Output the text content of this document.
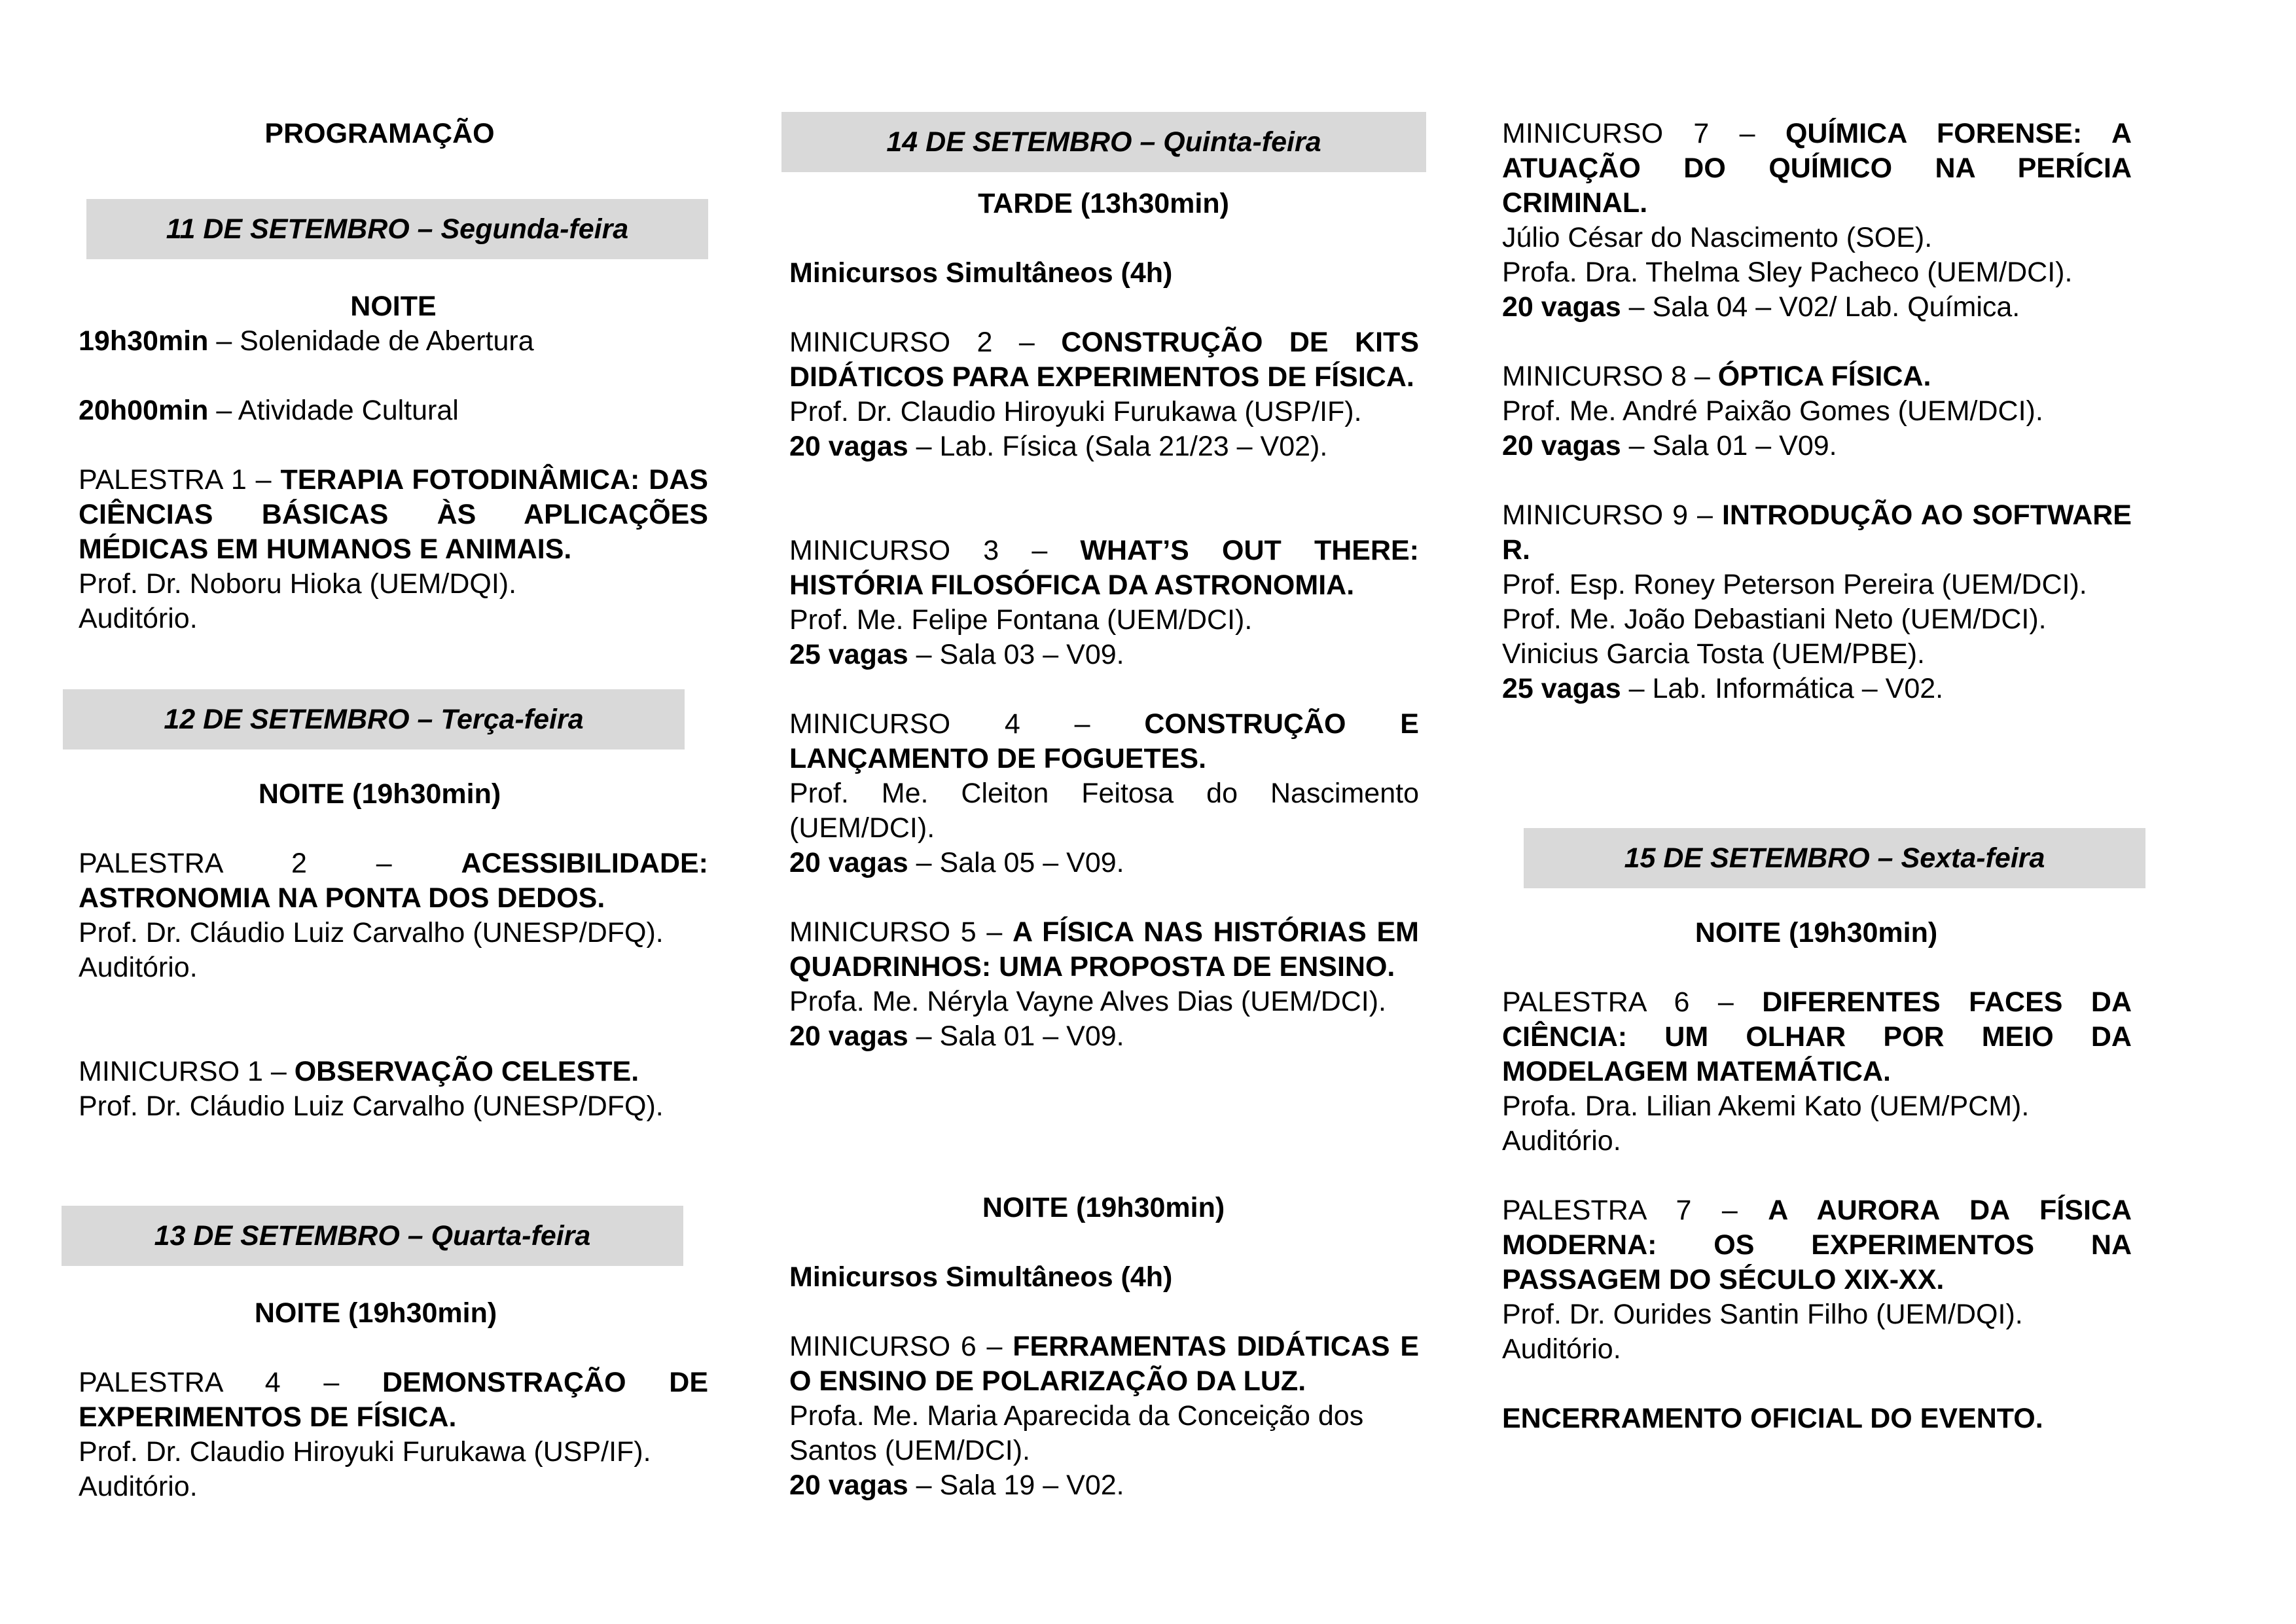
PROGRAMAÇÃO
11 DE SETEMBRO – Segunda-feira
NOITE
19h30min – Solenidade de Abertura
20h00min – Atividade Cultural
PALESTRA 1 – TERAPIA FOTODINÂMICA: DAS CIÊNCIAS BÁSICAS ÀS APLICAÇÕES MÉDICAS EM HUMANOS E ANIMAIS.
Prof. Dr. Noboru Hioka (UEM/DQI).
Auditório.
12 DE SETEMBRO – Terça-feira
NOITE (19h30min)
PALESTRA 2 – ACESSIBILIDADE: ASTRONOMIA NA PONTA DOS DEDOS.
Prof. Dr. Cláudio Luiz Carvalho (UNESP/DFQ).
Auditório.
MINICURSO 1 – OBSERVAÇÃO CELESTE.
Prof. Dr. Cláudio Luiz Carvalho (UNESP/DFQ).
13 DE SETEMBRO – Quarta-feira
NOITE (19h30min)
PALESTRA 4 – DEMONSTRAÇÃO DE EXPERIMENTOS DE FÍSICA.
Prof. Dr. Claudio Hiroyuki Furukawa (USP/IF).
Auditório.
14 DE SETEMBRO – Quinta-feira
TARDE (13h30min)
Minicursos Simultâneos (4h)
MINICURSO 2 – CONSTRUÇÃO DE KITS DIDÁTICOS PARA EXPERIMENTOS DE FÍSICA.
Prof. Dr. Claudio Hiroyuki Furukawa (USP/IF).
20 vagas – Lab. Física (Sala 21/23 – V02).
MINICURSO 3 – WHAT’S OUT THERE: HISTÓRIA FILOSÓFICA DA ASTRONOMIA.
Prof. Me. Felipe Fontana (UEM/DCI).
25 vagas – Sala 03 – V09.
MINICURSO 4 – CONSTRUÇÃO E LANÇAMENTO DE FOGUETES.
Prof. Me. Cleiton Feitosa do Nascimento (UEM/DCI).
20 vagas – Sala 05 – V09.
MINICURSO 5 – A FÍSICA NAS HISTÓRIAS EM QUADRINHOS: UMA PROPOSTA DE ENSINO.
Profa. Me. Néryla Vayne Alves Dias (UEM/DCI).
20 vagas – Sala 01 – V09.
NOITE (19h30min)
Minicursos Simultâneos (4h)
MINICURSO 6 – FERRAMENTAS DIDÁTICAS E O ENSINO DE POLARIZAÇÃO DA LUZ.
Profa. Me. Maria Aparecida da Conceição dos Santos (UEM/DCI).
20 vagas – Sala 19 – V02.
MINICURSO 7 – QUÍMICA FORENSE: A ATUAÇÃO DO QUÍMICO NA PERÍCIA CRIMINAL.
Júlio César do Nascimento (SOE).
Profa. Dra. Thelma Sley Pacheco (UEM/DCI).
20 vagas – Sala 04 – V02/ Lab. Química.
MINICURSO 8 – ÓPTICA FÍSICA.
Prof. Me. André Paixão Gomes (UEM/DCI).
20 vagas – Sala 01 – V09.
MINICURSO 9 – INTRODUÇÃO AO SOFTWARE R.
Prof. Esp. Roney Peterson Pereira (UEM/DCI).
Prof. Me. João Debastiani Neto (UEM/DCI).
Vinicius Garcia Tosta (UEM/PBE).
25 vagas – Lab. Informática – V02.
15 DE SETEMBRO – Sexta-feira
NOITE (19h30min)
PALESTRA 6 – DIFERENTES FACES DA CIÊNCIA: UM OLHAR POR MEIO DA MODELAGEM MATEMÁTICA.
Profa. Dra. Lilian Akemi Kato (UEM/PCM).
Auditório.
PALESTRA 7 – A AURORA DA FÍSICA MODERNA: OS EXPERIMENTOS NA PASSAGEM DO SÉCULO XIX-XX.
Prof. Dr. Ourides Santin Filho (UEM/DQI).
Auditório.
ENCERRAMENTO OFICIAL DO EVENTO.
